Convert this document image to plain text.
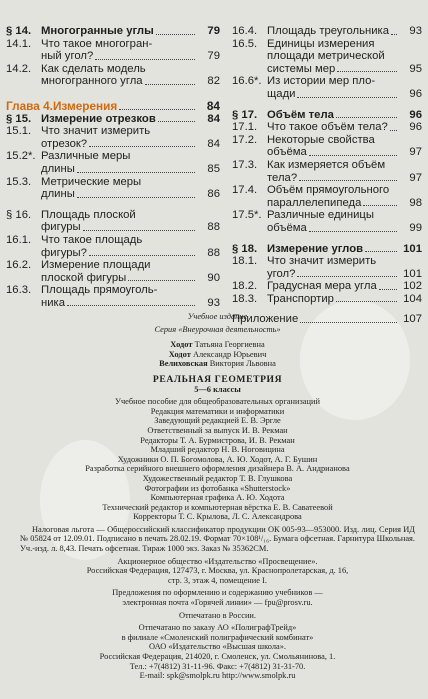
§ 14. Многогранные углы	79
14.1. Что такое многогран-
ный угол?	79
14.2. Как сделать модель
многогранного угла	82
Глава 4. Измерения	84
§ 15. Измерение отрезков	84
15.1. Что значит измерить
отрезок?	84
15.2*. Различные меры
длины	85
15.3. Метрические меры
длины	86
§ 16. Площадь плоской
фигуры	88
16.1. Что такое площадь
фигуры?	88
16.2. Измерение площади
плоской фигуры	90
16.3. Площадь прямоуголь-
ника	93
16.4. Площадь треугольника	93
16.5. Единицы измерения
площади метрической
системы мер	95
16.6*. Из истории мер пло-
щади	96
§ 17. Объём тела	96
17.1. Что такое объём тела?	96
17.2. Некоторые свойства
объёма	97
17.3. Как измеряется объём
тела?	97
17.4. Объём прямоугольного
параллелепипеда	98
17.5*. Различные единицы
объёма	99
§ 18. Измерение углов	101
18.1. Что значит измерить
угол?	101
18.2. Градусная мера угла 102
18.3. Транспортир	104
Приложение	107
Учебное издание
Серия «Внеурочная деятельность»
Ходот Татьяна Георгиевна
Ходот Александр Юрьевич
Велиховская Виктория Львовна
РЕАЛЬНАЯ ГЕОМЕТРИЯ
5—6 классы
Учебное пособие для общеобразовательных организаций
Редакция математики и информатики
Заведующий редакцией Е. В. Эргле
Ответственный за выпуск И. В. Рекман
Редакторы Т. А. Бурмистрова, И. В. Рекман
Младший редактор Н. В. Ноговицина
Художники О. П. Богомолова, А. Ю. Ходот, А. Г. Бушин
Разработка серийного внешнего оформления дизайнера В. А. Андриановa
Художественный редактор Т. В. Глушкова
Фотографии из фотобанка «Shutterstock»
Компьютерная графика А. Ю. Ходота
Технический редактор и компьютерная вёрстка Е. В. Саватеевой
Корректоры Т. С. Крылова, Л. С. Александрова
Налоговая льгота — Общероссийский классификатор продукции ОК 005-93—953000. Изд. лиц. Серия ИД № 05824 от 12.09.01. Подписано в печать 28.02.19. Формат 70×108¹/₁₆. Бумага офсетная. Гарнитура Школьная. Уч.-изд. л. 8,43. Печать офсетная. Тираж 1000 экз. Заказ № 35362СМ.
Акционерное общество «Издательство «Просвещение».
Российская Федерация, 127473, г. Москва, ул. Краснопролетарская, д. 16,
стр. 3, этаж 4, помещение I.
Предложения по оформлению и содержанию учебников —
электронная почта «Горячей линии» — fpu@prosv.ru.
Отпечатано в России.
Отпечатано по заказу АО «ПолиграфТрейд»
в филиале «Смоленский полиграфический комбинат»
ОАО «Издательство «Высшая школа».
Российская Федерация, 214020, г. Смоленск, ул. Смольянинова, 1.
Тел.: +7(4812) 31-11-96. Факс: +7(4812) 31-31-70.
E-mail: spk@smolpk.ru http://www.smolpk.ru
